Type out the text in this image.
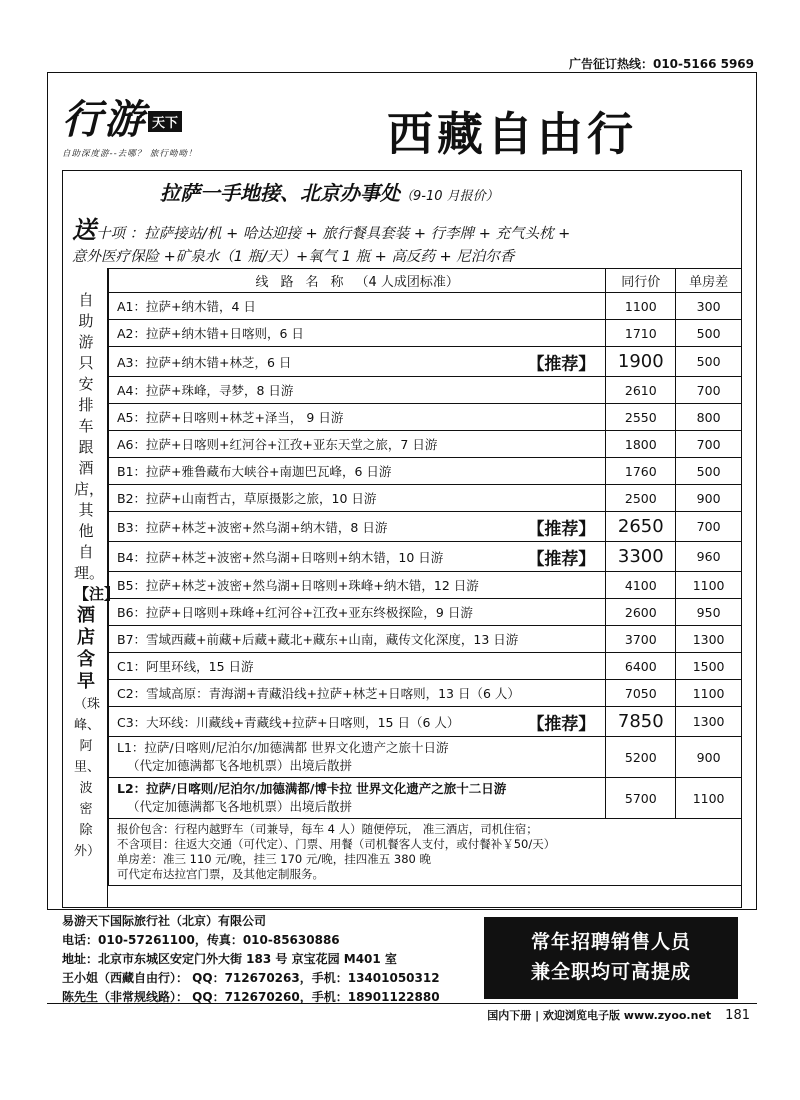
广告征订热线：010-5166 5969
行游 天下
自助深度游--去哪？ 旅行呦呦！	西藏自由行
拉萨一手地接、北京办事处（9-10 月报价）
送十项 ：拉萨接站/机 + 哈达迎接 + 旅行餐具套装 + 行李牌 + 充气头枕 +
意外医疗保险 +矿泉水（1 瓶/天）+氧气 1 瓶 + 高反药 + 尼泊尔香
自助游只安排车跟酒店，其他自理。 【注】 酒店含早 （珠峰、阿里、波密除外）
线路名称（4 人成团标准）	同行价	单房差
A1：拉萨+纳木错，4 日	1100	300
A2：拉萨+纳木错+日喀则，6 日	1710	500
A3：拉萨+纳木错+林芝，6 日 【推荐】	1900	500
A4：拉萨+珠峰，寻梦，8 日游	2610	700
A5：拉萨+日喀则+林芝+泽当， 9 日游	2550	800
A6：拉萨+日喀则+红河谷+江孜+亚东天堂之旅，7 日游	1800	700
B1：拉萨+雅鲁藏布大峡谷+南迦巴瓦峰，6 日游	1760	500
B2：拉萨+山南哲古，草原摄影之旅，10 日游	2500	900
B3：拉萨+林芝+波密+然乌湖+纳木错，8 日游 【推荐】	2650	700
B4：拉萨+林芝+波密+然乌湖+日喀则+纳木错，10 日游 【推荐】	3300	960
B5：拉萨+林芝+波密+然乌湖+日喀则+珠峰+纳木错，12 日游	4100	1100
B6：拉萨+日喀则+珠峰+红河谷+江孜+亚东终极探险，9 日游	2600	950
B7：雪域西藏+前藏+后藏+藏北+藏东+山南，藏传文化深度，13 日游	3700	1300
C1：阿里环线，15 日游	6400	1500
C2：雪域高原：青海湖+青藏沿线+拉萨+林芝+日喀则，13 日（6 人）	7050	1100
C3：大环线：川藏线+青藏线+拉萨+日喀则，15 日（6 人） 【推荐】	7850	1300

L1：拉萨/日喀则/尼泊尔/加德满都 世界文化遗产之旅十日游
（代定加德满都飞各地机票）出境后散拼	5200	900

L2：拉萨/日喀则/尼泊尔/加德满都/博卡拉 世界文化遗产之旅十二日游
（代定加德满都飞各地机票）出境后散拼	5700	1100

报价包含：行程内越野车（司兼导，每车 4 人）随便停玩， 准三酒店，司机住宿；
不含项目：往返大交通（可代定）、门票、用餐（司机餐客人支付，或付餐补￥50/天）
单房差：准三 110 元/晚，挂三 170 元/晚，挂四准五 380 晚
可代定布达拉宫门票，及其他定制服务。		
易游天下国际旅行社（北京）有限公司
电话：010-57261100，传真：010-85630886
地址：北京市东城区安定门外大街 183 号 京宝花园 M401 室
王小姐（西藏自由行）： QQ：712670263，手机：13401050312
陈先生（非常规线路）： QQ：712670260，手机：18901122880
常年招聘销售人员
兼全职均可高提成
国内下册 | 欢迎浏览电子版 www.zyoo.net 181
